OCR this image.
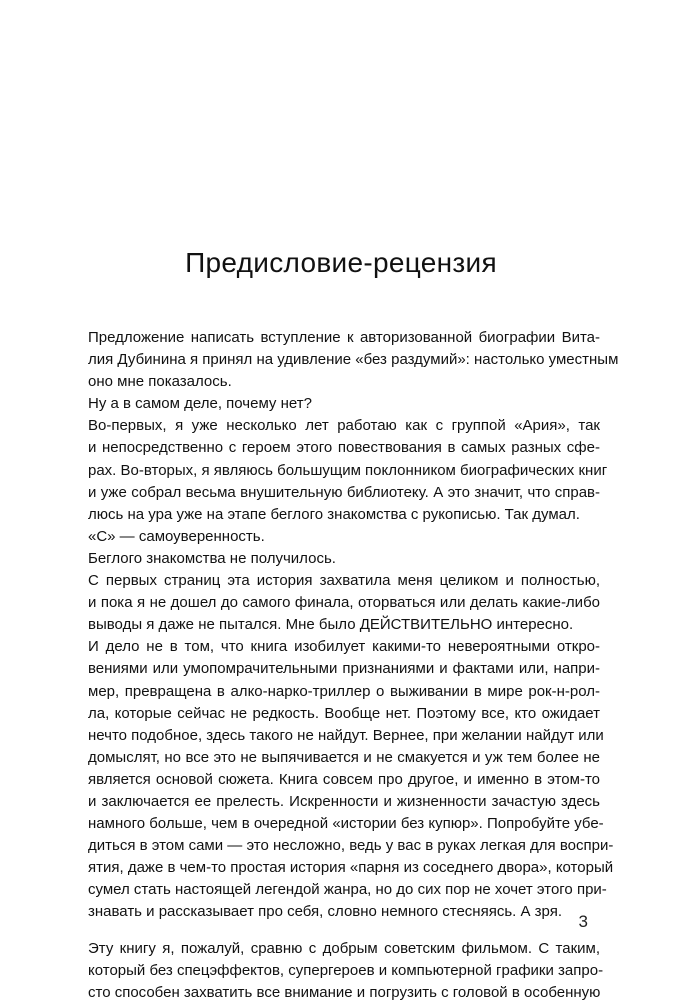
Предисловие-рецензия
Предложение написать вступление к авторизованной биографии Вита-
лия Дубинина я принял на удивление «без раздумий»: настолько уместным
оно мне показалось.
Ну а в самом деле, почему нет?
Во-первых, я уже несколько лет работаю как с группой «Ария», так
и непосредственно с героем этого повествования в самых разных сфе-
рах. Во-вторых, я являюсь большущим поклонником биографических книг
и уже собрал весьма внушительную библиотеку. А это значит, что справ-
люсь на ура уже на этапе беглого знакомства с рукописью. Так думал.
«С» — самоуверенность.
Беглого знакомства не получилось.
С первых страниц эта история захватила меня целиком и полностью,
и пока я не дошел до самого финала, оторваться или делать какие-либо
выводы я даже не пытался. Мне было ДЕЙСТВИТЕЛЬНО интересно.
И дело не в том, что книга изобилует какими-то невероятными откро-
вениями или умопомрачительными признаниями и фактами или, напри-
мер, превращена в алко-нарко-триллер о выживании в мире рок-н-рол-
ла, которые сейчас не редкость. Вообще нет. Поэтому все, кто ожидает
нечто подобное, здесь такого не найдут. Вернее, при желании найдут или
домыслят, но все это не выпячивается и не смакуется и уж тем более не
является основой сюжета. Книга совсем про другое, и именно в этом-то
и заключается ее прелесть. Искренности и жизненности зачастую здесь
намного больше, чем в очередной «истории без купюр». Попробуйте убе-
диться в этом сами — это несложно, ведь у вас в руках легкая для воспри-
ятия, даже в чем-то простая история «парня из соседнего двора», который
сумел стать настоящей легендой жанра, но до сих пор не хочет этого при-
знавать и рассказывает про себя, словно немного стесняясь. А зря.
Эту книгу я, пожалуй, сравню с добрым советским фильмом. С таким,
который без спецэффектов, супергероев и компьютерной графики запро-
сто способен захватить все внимание и погрузить с головой в особенную
3
